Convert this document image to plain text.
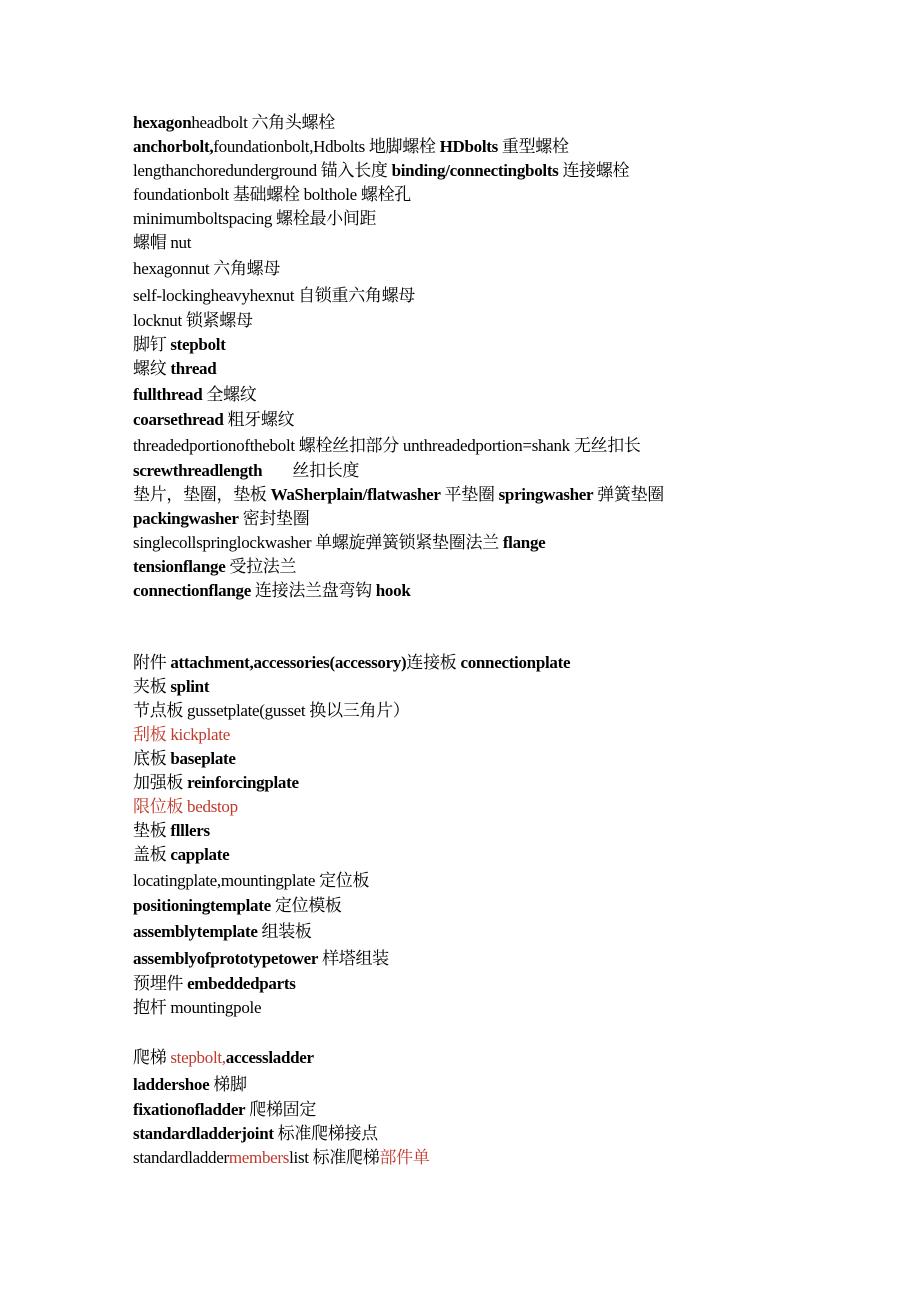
hexagonheadbolt 六角头螺栓
anchorbolt,foundationbolt,Hdbolts 地脚螺栓 HDbolts 重型螺栓
lengthanchoredunderground 锚入长度 binding/connectingbolts 连接螺栓
foundationbolt 基础螺栓 bolthole 螺栓孔
minimumboltspacing 螺栓最小间距
螺帽 nut
hexagonnut 六角螺母
self-lockingheavyhexnut 自锁重六角螺母
locknut 锁紧螺母
脚钉 stepbolt
螺纹 thread
fullthread 全螺纹
coarsethread 粗牙螺纹
threadedportionofthebolt 螺栓丝扣部分 unthreadedportion=shank 无丝扣长
screwthreadlength 丝扣长度
垫片，垫圈，垫板 WaSherplain/flatwasher 平垫圈 springwasher 弹簧垫圈
packingwasher 密封垫圈
singlecollspringlockwasher 单螺旋弹簧锁紧垫圈法兰 flange
tensionflange 受拉法兰
connectionflange 连接法兰盘弯钩 hook
附件 attachment,accessories(accessory)连接板 connectionplate
夹板 splint
节点板 gussetplate(gusset 换以三角片）
刮板 kickplate
底板 baseplate
加强板 reinforcingplate
限位板 bedstop
垫板 flllers
盖板 capplate
locatingplate,mountingplate 定位板
positioningtemplate 定位模板
assemblytemplate 组装板
assemblyofprototypetower 样塔组装
预埋件 embeddedparts
抱杆 mountingpole
爬梯 stepbolt,accessladder
laddershoe 梯脚
fixationofladder 爬梯固定
standardladderjoint 标准爬梯接点
standardladdermemberslist 标准爬梯部件单
